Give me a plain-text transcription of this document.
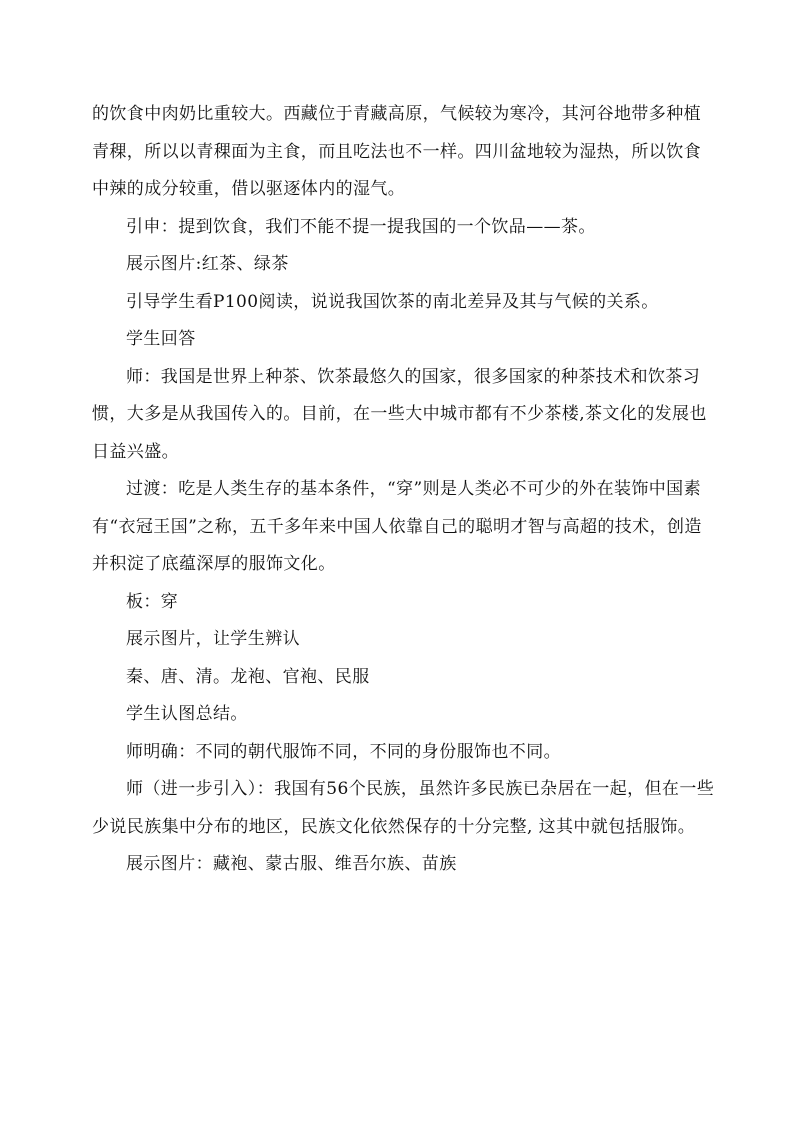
的饮食中肉奶比重较大。西藏位于青藏高原，气候较为寒冷，其河谷地带多种植青稞，所以以青稞面为主食，而且吃法也不一样。四川盆地较为湿热，所以饮食中辣的成分较重，借以驱逐体内的湿气。

引申：提到饮食，我们不能不提一提我国的一个饮品——茶。

展示图片:红茶、绿茶

引导学生看P100阅读，说说我国饮茶的南北差异及其与气候的关系。

学生回答

师：我国是世界上种茶、饮茶最悠久的国家，很多国家的种茶技术和饮茶习惯，大多是从我国传入的。目前，在一些大中城市都有不少茶楼,茶文化的发展也日益兴盛。

过渡：吃是人类生存的基本条件，“穿”则是人类必不可少的外在装饰中国素有“衣冠王国”之称，五千多年来中国人依靠自己的聪明才智与高超的技术，创造并积淀了底蕴深厚的服饰文化。

板：穿

展示图片，让学生辨认

秦、唐、清。龙袍、官袍、民服

学生认图总结。

师明确：不同的朝代服饰不同，不同的身份服饰也不同。

师（进一步引入）：我国有56个民族，虽然许多民族已杂居在一起，但在一些少说民族集中分布的地区，民族文化依然保存的十分完整, 这其中就包括服饰。

展示图片：藏袍、蒙古服、维吾尔族、苗族
